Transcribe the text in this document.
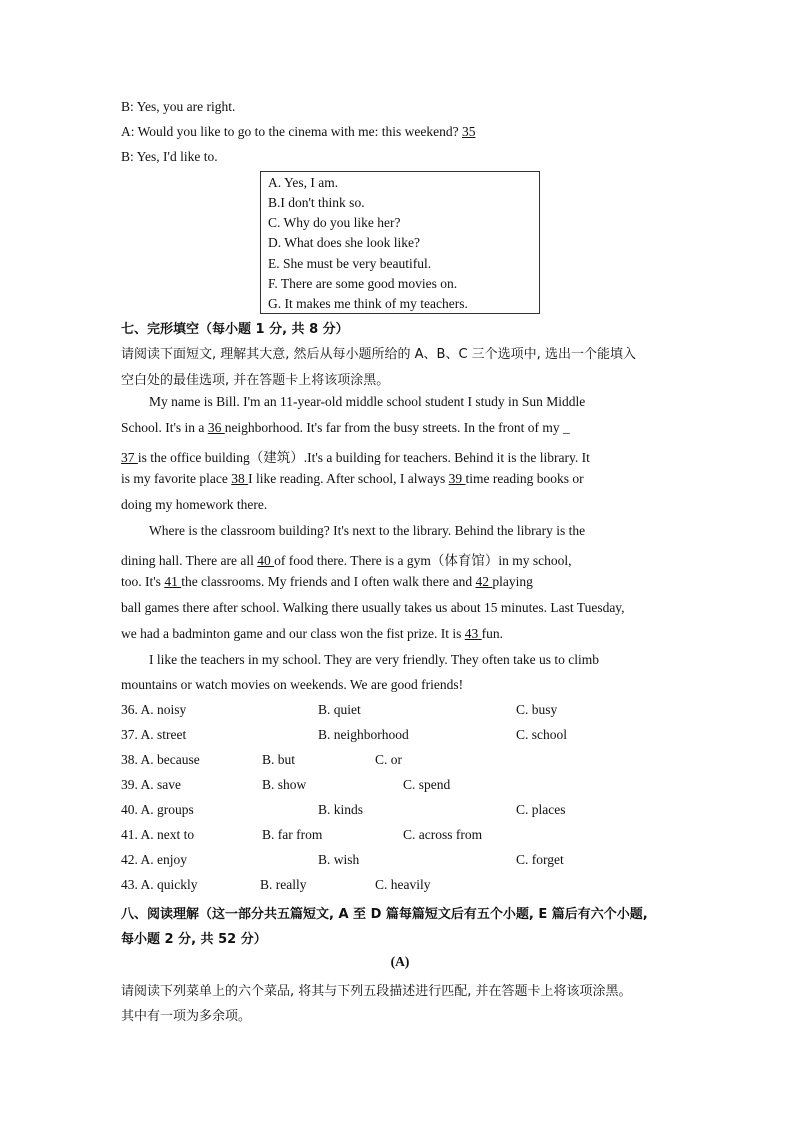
B: Yes, you are right.
A: Would you like to go to the cinema with me: this weekend? 35
B: Yes, I'd like to.
A. Yes, I am.
B.I don't think so.
C. Why do you like her?
D. What does she look like?
E. She must be very beautiful.
F. There are some good movies on.
G. It makes me think of my teachers.
七、完形填空（每小题 1 分, 共 8 分）
请阅读下面短文, 理解其大意, 然后从每小题所给的 A、B、C 三个选项中, 选出一个能填入
空白处的最佳选项, 并在答题卡上将该项涂黑。
My name is Bill. I'm an 11-year-old middle school student I study in Sun Middle
School. It's in a 36 neighborhood. It's far from the busy streets. In the front of my _
37 is the office building（建筑）.It's a building for teachers. Behind it is the library. It
is my favorite place 38 I like reading. After school, I always 39 time reading books or
doing my homework there.
Where is the classroom building? It's next to the library. Behind the library is the
dining hall. There are all 40 of food there. There is a gym（体育馆）in my school,
too. It's 41 the classrooms. My friends and I often walk there and 42 playing
ball games there after school. Walking there usually takes us about 15 minutes. Last Tuesday,
we had a badminton game and our class won the fist prize. It is 43 fun.
I like the teachers in my school. They are very friendly. They often take us to climb
mountains or watch movies on weekends. We are good friends!
36. A. noisy	B. quiet	C. busy
37. A. street	B. neighborhood	C. school
38. A. because	B. but	C. or
39. A. save	B. show	C. spend
40. A. groups	B. kinds	C. places
41. A. next to	B. far from	C. across from
42. A. enjoy	B. wish	C. forget
43. A. quickly	B. really	C. heavily
八、阅读理解（这一部分共五篇短文, A 至 D 篇每篇短文后有五个小题, E 篇后有六个小题,
每小题 2 分, 共 52 分）
(A)
请阅读下列菜单上的六个菜品, 将其与下列五段描述进行匹配, 并在答题卡上将该项涂黑。
其中有一项为多余项。
